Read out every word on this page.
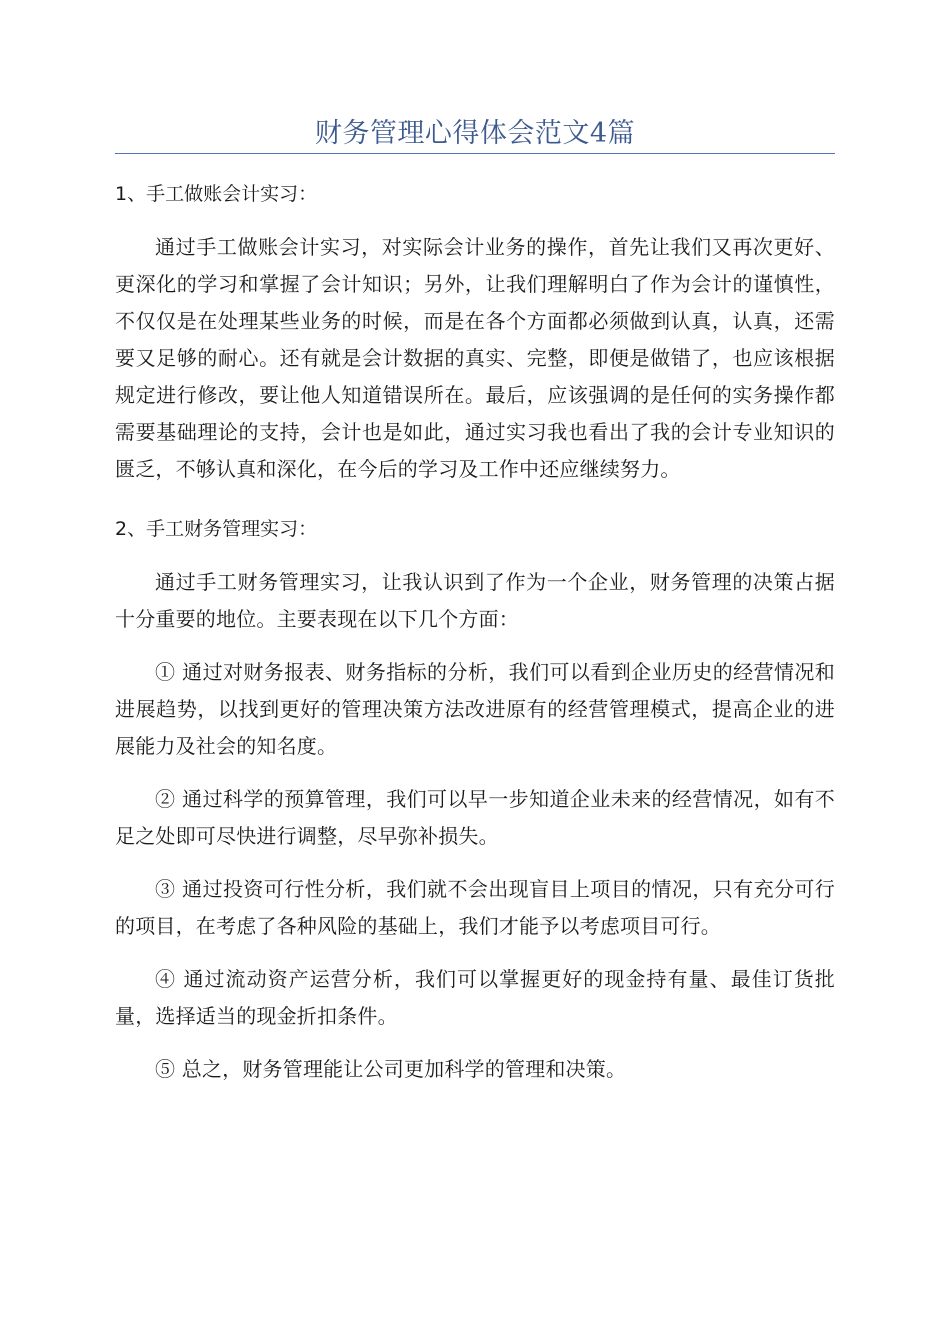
财务管理心得体会范文4篇
1、手工做账会计实习：

通过手工做账会计实习，对实际会计业务的操作，首先让我们又再次更好、更深化的学习和掌握了会计知识；另外，让我们理解明白了作为会计的谨慎性，不仅仅是在处理某些业务的时候，而是在各个方面都必须做到认真，认真，还需要又足够的耐心。还有就是会计数据的真实、完整，即便是做错了，也应该根据规定进行修改，要让他人知道错误所在。最后，应该强调的是任何的实务操作都需要基础理论的支持，会计也是如此，通过实习我也看出了我的会计专业知识的匮乏，不够认真和深化，在今后的学习及工作中还应继续努力。

2、手工财务管理实习：

通过手工财务管理实习，让我认识到了作为一个企业，财务管理的决策占据十分重要的地位。主要表现在以下几个方面：

① 通过对财务报表、财务指标的分析，我们可以看到企业历史的经营情况和进展趋势，以找到更好的管理决策方法改进原有的经营管理模式，提高企业的进展能力及社会的知名度。

② 通过科学的预算管理，我们可以早一步知道企业未来的经营情况，如有不足之处即可尽快进行调整，尽早弥补损失。

③ 通过投资可行性分析，我们就不会出现盲目上项目的情况，只有充分可行的项目，在考虑了各种风险的基础上，我们才能予以考虑项目可行。

④ 通过流动资产运营分析，我们可以掌握更好的现金持有量、最佳订货批量，选择适当的现金折扣条件。

⑤ 总之，财务管理能让公司更加科学的管理和决策。
